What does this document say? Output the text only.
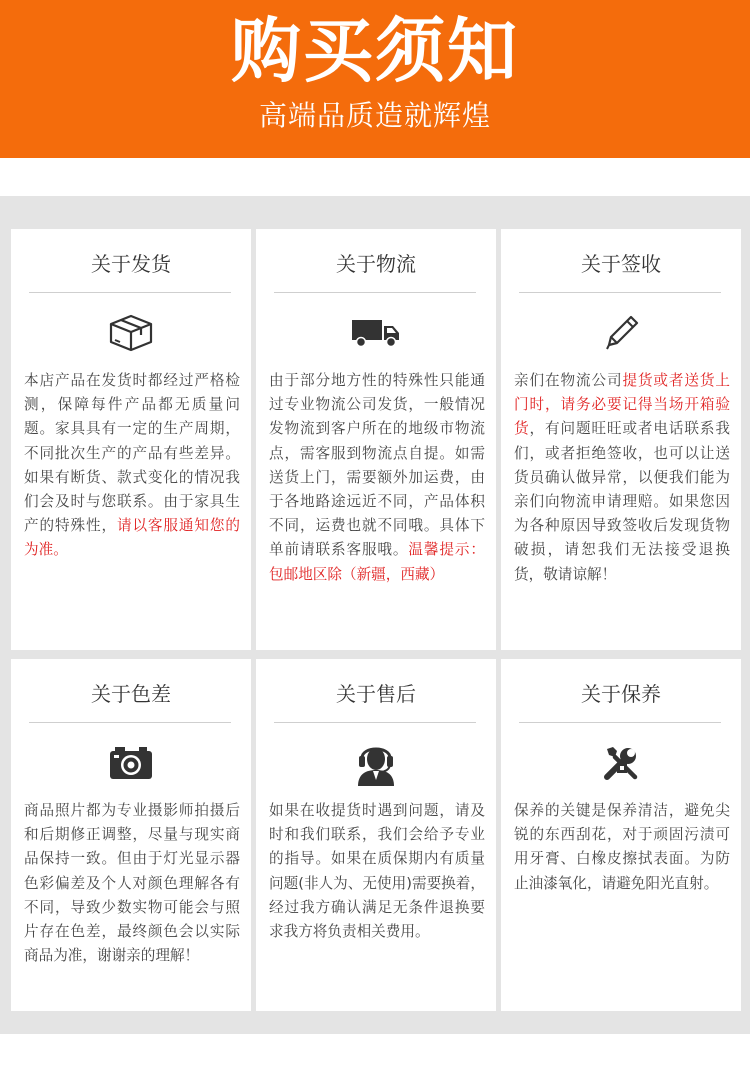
购买须知
高端品质造就辉煌
关于发货
本店产品在发货时都经过严格检测，保障每件产品都无质量问题。家具具有一定的生产周期，不同批次生产的产品有些差异。如果有断货、款式变化的情况我们会及时与您联系。由于家具生产的特殊性，请以客服通知您的为准。
关于物流
由于部分地方性的特殊性只能通过专业物流公司发货，一般情况发物流到客户所在的地级市物流点，需客服到物流点自提。如需送货上门，需要额外加运费，由于各地路途远近不同，产品体积不同，运费也就不同哦。具体下单前请联系客服哦。温馨提示：包邮地区除（新疆，西藏）
关于签收
亲们在物流公司提货或者送货上门时，请务必要记得当场开箱验货，有问题旺旺或者电话联系我们，或者拒绝签收，也可以让送货员确认做异常，以便我们能为亲们向物流申请理赔。如果您因为各种原因导致签收后发现货物破损，请恕我们无法接受退换货，敬请谅解！
关于色差
商品照片都为专业摄影师拍摄后和后期修正调整，尽量与现实商品保持一致。但由于灯光显示器色彩偏差及个人对颜色理解各有不同，导致少数实物可能会与照片存在色差，最终颜色会以实际商品为准，谢谢亲的理解！
关于售后
如果在收提货时遇到问题，请及时和我们联系，我们会给予专业的指导。如果在质保期内有质量问题(非人为、无使用)需要换着，经过我方确认满足无条件退换要求我方将负责相关费用。
关于保养
保养的关键是保养清洁，避免尖锐的东西刮花，对于顽固污渍可用牙膏、白橡皮擦拭表面。为防止油漆氧化，请避免阳光直射。
